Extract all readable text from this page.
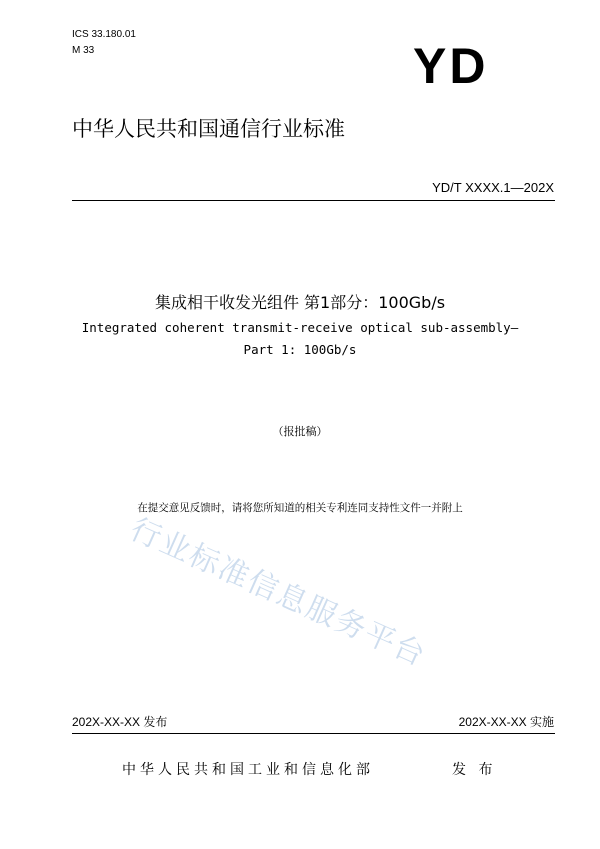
ICS 33.180.01
M 33	YD
中华人民共和国通信行业标准
YD/T XXXX.1—202X
集成相干收发光组件 第1部分：100Gb/s
Integrated coherent transmit-receive optical sub-assembly—
Part 1: 100Gb/s
（报批稿）
在提交意见反馈时，请将您所知道的相关专利连同支持性文件一并附上
行业标准信息服务平台
202X-XX-XX 发布	202X-XX-XX 实施
中华人民共和国工业和信息化部	发 布
